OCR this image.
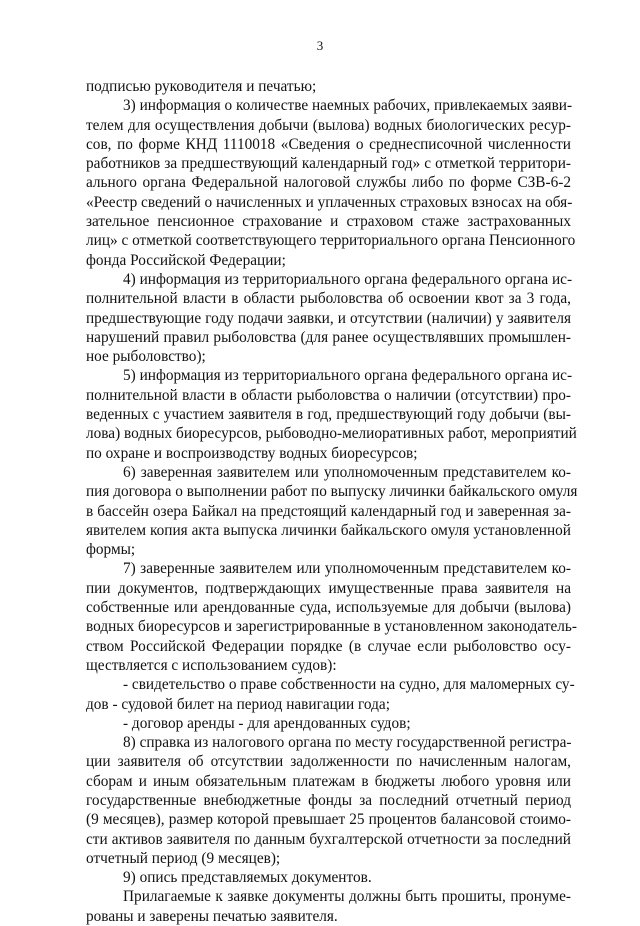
3
подписью руководителя и печатью;
3) информация о количестве наемных рабочих, привлекаемых заяви-
телем для осуществления добычи (вылова) водных биологических ресур-
сов, по форме КНД 1110018 «Сведения о среднесписочной численности
работников за предшествующий календарный год» с отметкой территори-
ального органа Федеральной налоговой службы либо по форме СЗВ-6-2
«Реестр сведений о начисленных и уплаченных страховых взносах на обя-
зательное пенсионное страхование и страховом стаже застрахованных
лиц» с отметкой соответствующего территориального органа Пенсионного
фонда Российской Федерации;
4) информация из территориального органа федерального органа ис-
полнительной власти в области рыболовства об освоении квот за 3 года,
предшествующие году подачи заявки, и отсутствии (наличии) у заявителя
нарушений правил рыболовства (для ранее осуществлявших промышлен-
ное рыболовство);
5) информация из территориального органа федерального органа ис-
полнительной власти в области рыболовства о наличии (отсутствии) про-
веденных с участием заявителя в год, предшествующий году добычи (вы-
лова) водных биоресурсов, рыбоводно-мелиоративных работ, мероприятий
по охране и воспроизводству водных биоресурсов;
6) заверенная заявителем или уполномоченным представителем ко-
пия договора о выполнении работ по выпуску личинки байкальского омуля
в бассейн озера Байкал на предстоящий календарный год и заверенная за-
явителем копия акта выпуска личинки байкальского омуля установленной
формы;
7) заверенные заявителем или уполномоченным представителем ко-
пии документов, подтверждающих имущественные права заявителя на
собственные или арендованные суда, используемые для добычи (вылова)
водных биоресурсов и зарегистрированные в установленном законодатель-
ством Российской Федерации порядке (в случае если рыболовство осу-
ществляется с использованием судов):
- свидетельство о праве собственности на судно, для маломерных су-
дов - судовой билет на период навигации года;
- договор аренды - для арендованных судов;
8) справка из налогового органа по месту государственной регистра-
ции заявителя об отсутствии задолженности по начисленным налогам,
сборам и иным обязательным платежам в бюджеты любого уровня или
государственные внебюджетные фонды за последний отчетный период
(9 месяцев), размер которой превышает 25 процентов балансовой стоимо-
сти активов заявителя по данным бухгалтерской отчетности за последний
отчетный период (9 месяцев);
9) опись представляемых документов.
Прилагаемые к заявке документы должны быть прошиты, пронуме-
рованы и заверены печатью заявителя.
